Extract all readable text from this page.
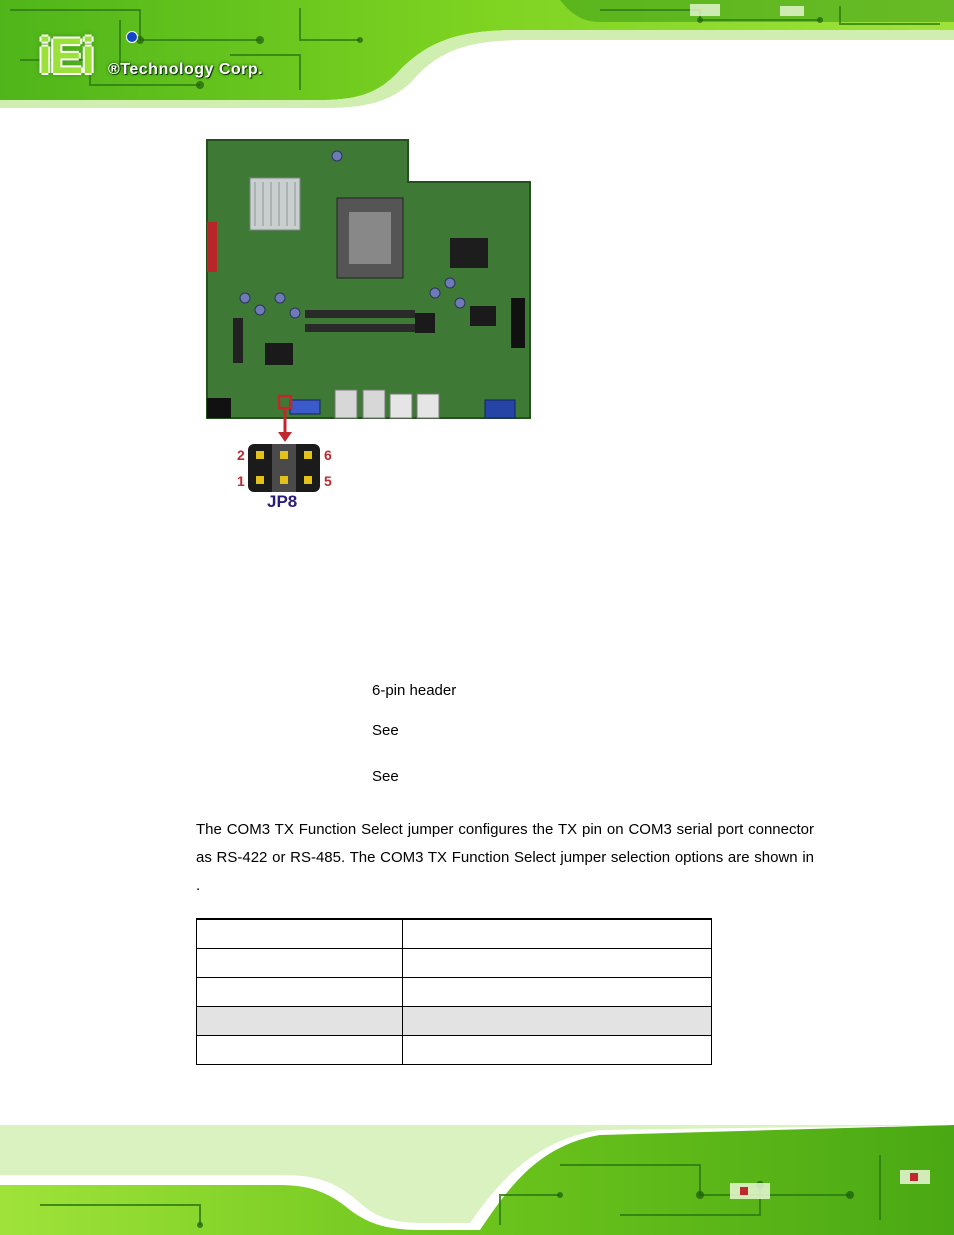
iEi ®Technology Corp.
2
1
6
5
JP8
6-pin header
See
See
The COM3 TX Function Select jumper configures the TX pin on COM3 serial port connector as RS-422 or RS-485. The COM3 TX Function Select jumper selection options are shown in .
